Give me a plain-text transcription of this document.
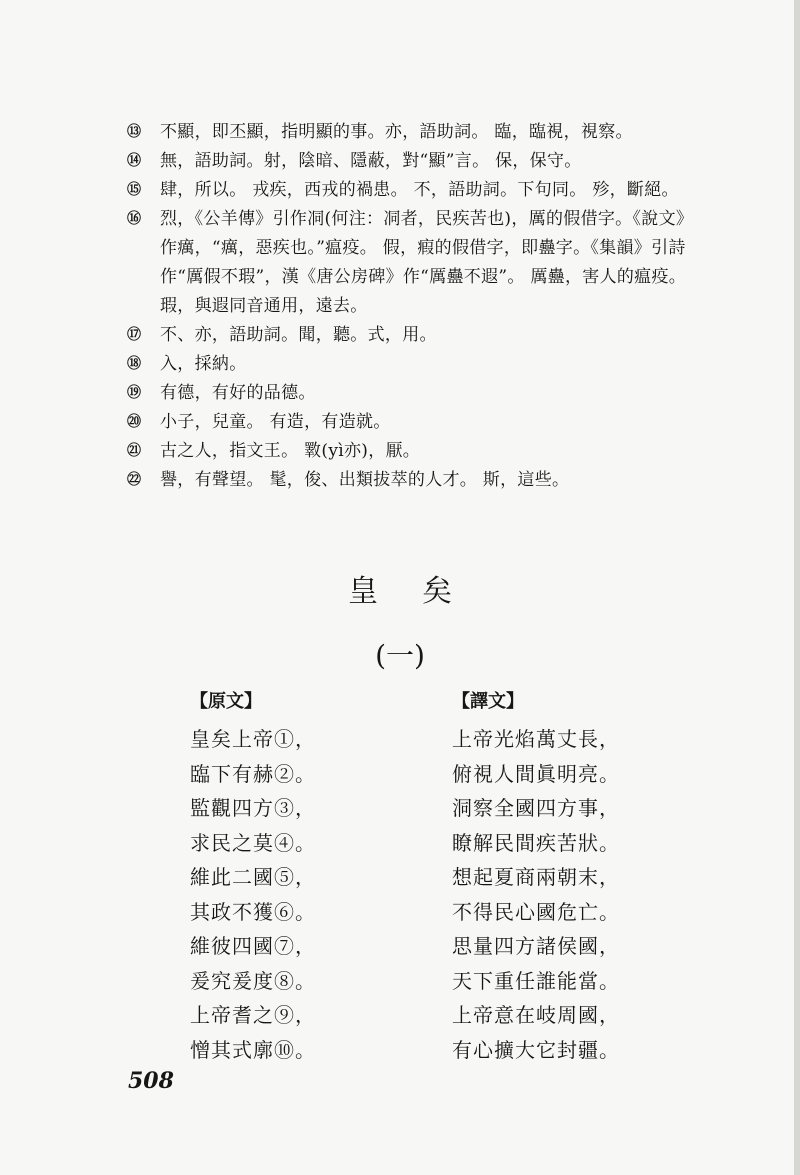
⑬ 不顯，即丕顯，指明顯的事。亦，語助詞。 臨，臨視，視察。
⑭ 無，語助詞。射，陰暗、隱蔽，對“顯”言。 保，保守。
⑮ 肆，所以。 戎疾，西戎的禍患。 不，語助詞。下句同。 殄，斷絕。
⑯ 烈，《公羊傳》引作㓊(何注：㓊者，民疾苦也)，厲的假借字。《說文》
作癘，“癘，惡疾也。”瘟疫。 假，瘕的假借字，即蠱字。《集韻》引詩
作“厲假不瑕”，漢《唐公房碑》作“厲蠱不遐”。 厲蠱，害人的瘟疫。
瑕，與遐同音通用，遠去。
⑰ 不、亦，語助詞。聞，聽。式，用。
⑱ 入，採納。
⑲ 有德，有好的品德。
⑳ 小子，兒童。 有造，有造就。
㉑ 古之人，指文王。 斁(yì亦)，厭。
㉒ 譽，有聲望。 髦，俊、出類拔萃的人才。 斯，這些。
皇矣
(一)
【原文】
皇矣上帝①，
臨下有赫②。
監觀四方③，
求民之莫④。
維此二國⑤，
其政不獲⑥。
維彼四國⑦，
爰究爰度⑧。
上帝耆之⑨，
憎其式廓⑩。
【譯文】
上帝光焰萬丈長，
俯視人間眞明亮。
洞察全國四方事，
瞭解民間疾苦狀。
想起夏商兩朝末，
不得民心國危亡。
思量四方諸侯國，
天下重任誰能當。
上帝意在岐周國，
有心擴大它封疆。
508
